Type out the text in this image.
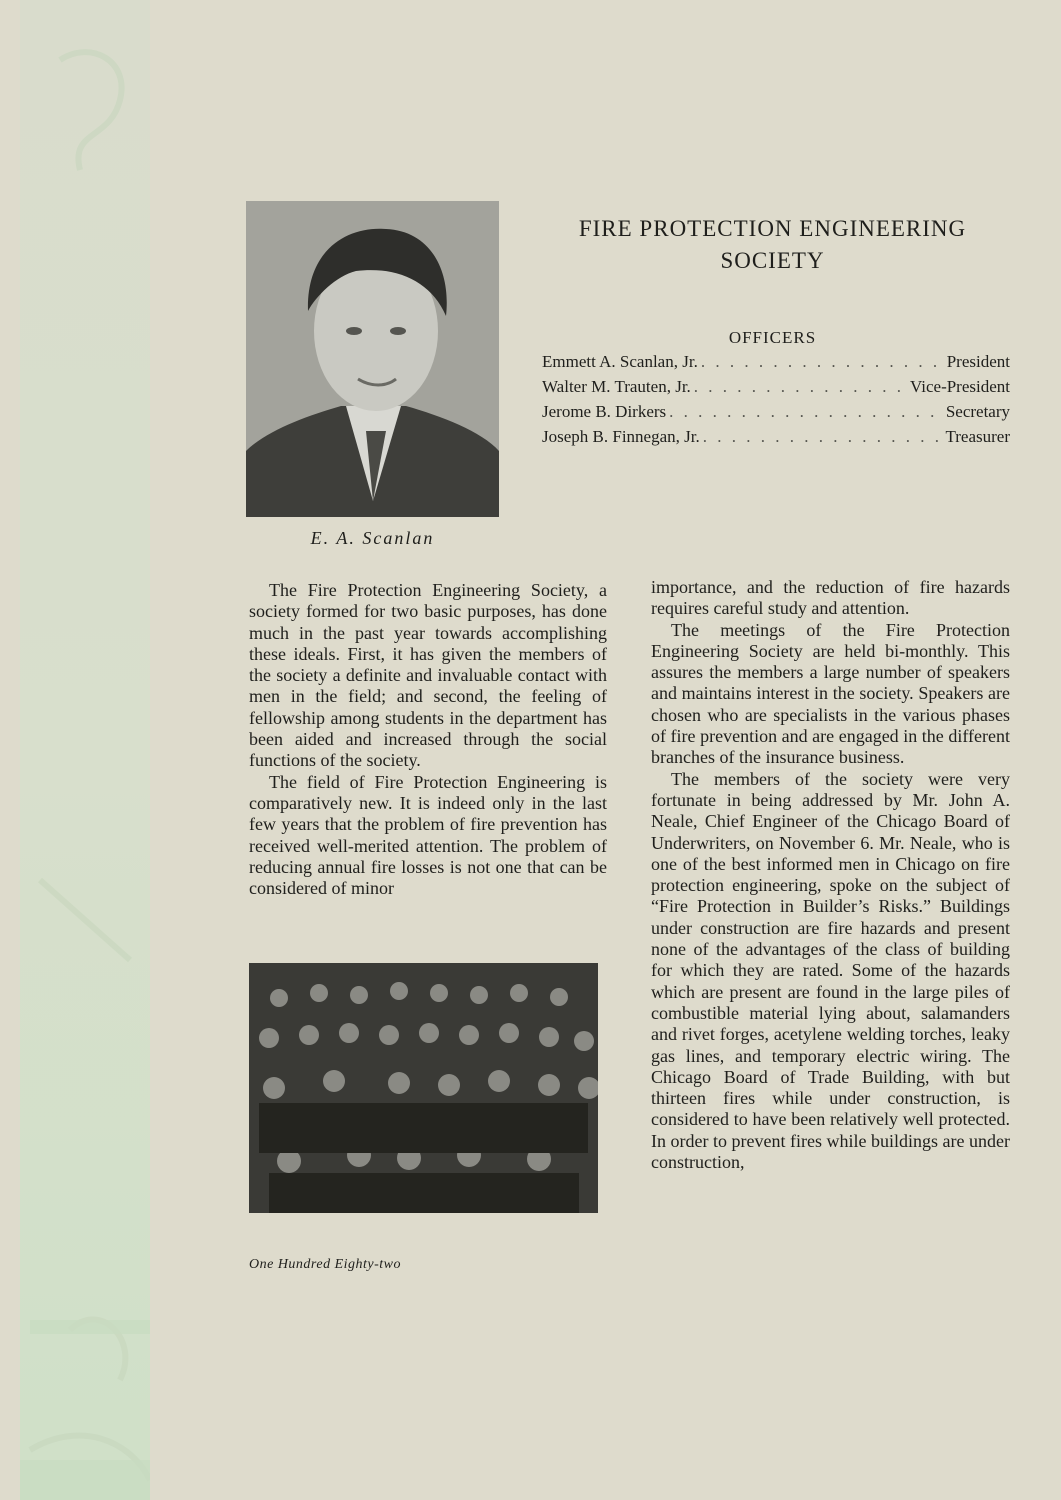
E. A. Scanlan
FIRE PROTECTION ENGINEERING
SOCIETY
OFFICERS
Emmett A. Scanlan, Jr. . . .	President
Walter M. Trauten, Jr. . . .	Vice-President
Jerome B. Dirkers . . .	Secretary
Joseph B. Finnegan, Jr. . . .	Treasurer

The Fire Protection Engineering Society, a society formed for two basic purposes, has done much in the past year towards accomplishing these ideals. First, it has given the members of the society a definite and invaluable contact with men in the field; and second, the feeling of fellowship among students in the department has been aided and increased through the social functions of the society.

The field of Fire Protection Engineering is comparatively new. It is indeed only in the last few years that the problem of fire prevention has received well-merited attention. The problem of reducing annual fire losses is not one that can be considered of minor

importance, and the reduction of fire hazards requires careful study and attention.

The meetings of the Fire Protection Engineering Society are held bi-monthly. This assures the members a large number of speakers and maintains interest in the society. Speakers are chosen who are specialists in the various phases of fire prevention and are engaged in the different branches of the insurance business.

The members of the society were very fortunate in being addressed by Mr. John A. Neale, Chief Engineer of the Chicago Board of Underwriters, on November 6. Mr. Neale, who is one of the best informed men in Chicago on fire protection engineering, spoke on the subject of “Fire Protection in Builder’s Risks.” Buildings under construction are fire hazards and present none of the advantages of the class of building for which they are rated. Some of the hazards which are present are found in the large piles of combustible material lying about, salamanders and rivet forges, acetylene welding torches, leaky gas lines, and temporary electric wiring. The Chicago Board of Trade Building, with but thirteen fires while under construction, is considered to have been relatively well protected. In order to prevent fires while buildings are under construction,

One Hundred Eighty-two
